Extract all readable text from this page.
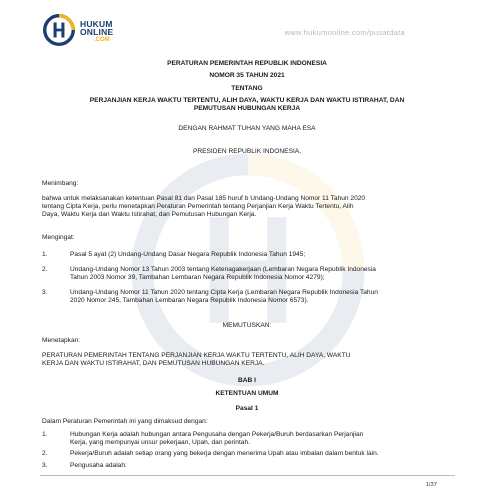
HUKUM
ONLINE
.COM
www.hukumonline.com/pusatdata
PERATURAN PEMERINTAH REPUBLIK INDONESIA
NOMOR 35 TAHUN 2021
TENTANG
PERJANJIAN KERJA WAKTU TERTENTU, ALIH DAYA, WAKTU KERJA DAN WAKTU ISTIRAHAT, DAN
PEMUTUSAN HUBUNGAN KERJA
DENGAN RAHMAT TUHAN YANG MAHA ESA
PRESIDEN REPUBLIK INDONESIA,
Menimbang:
bahwa untuk melaksanakan ketentuan Pasal 81 dan Pasal 185 huruf b Undang-Undang Nomor 11 Tahun 2020
tentang Cipta Kerja, perlu menetapkan Peraturan Pemerintah tentang Perjanjian Kerja Waktu Tertentu, Alih
Daya, Waktu Kerja dan Waktu Istirahat, dan Pemutusan Hubungan Kerja.
Mengingat:
1.	Pasal 5 ayat (2) Undang-Undang Dasar Negara Republik Indonesia Tahun 1945;
2.	Undang-Undang Nomor 13 Tahun 2003 tentang Ketenagakerjaan (Lembaran Negara Republik Indonesia
Tahun 2003 Nomor 39, Tambahan Lembaran Negara Republik Indonesia Nomor 4279);
3.	Undang-Undang Nomor 11 Tahun 2020 tentang Cipta Kerja (Lembaran Negara Republik Indonesia Tahun
2020 Nomor 245, Tambahan Lembaran Negara Republik Indonesia Nomor 6573).
MEMUTUSKAN:
Menetapkan:
PERATURAN PEMERINTAH TENTANG PERJANJIAN KERJA WAKTU TERTENTU, ALIH DAYA, WAKTU
KERJA DAN WAKTU ISTIRAHAT, DAN PEMUTUSAN HUBUNGAN KERJA.
BAB I
KETENTUAN UMUM
Pasal 1
Dalam Peraturan Pemerintah ini yang dimaksud dengan:
1.	Hubungan Kerja adalah hubungan antara Pengusaha dengan Pekerja/Buruh berdasarkan Perjanjian
Kerja, yang mempunyai unsur pekerjaan, Upah, dan perintah.
2.	Pekerja/Buruh adalah setiap orang yang bekerja dengan menerima Upah atau imbalan dalam bentuk lain.
3.	Pengusaha adalah:
1/37
